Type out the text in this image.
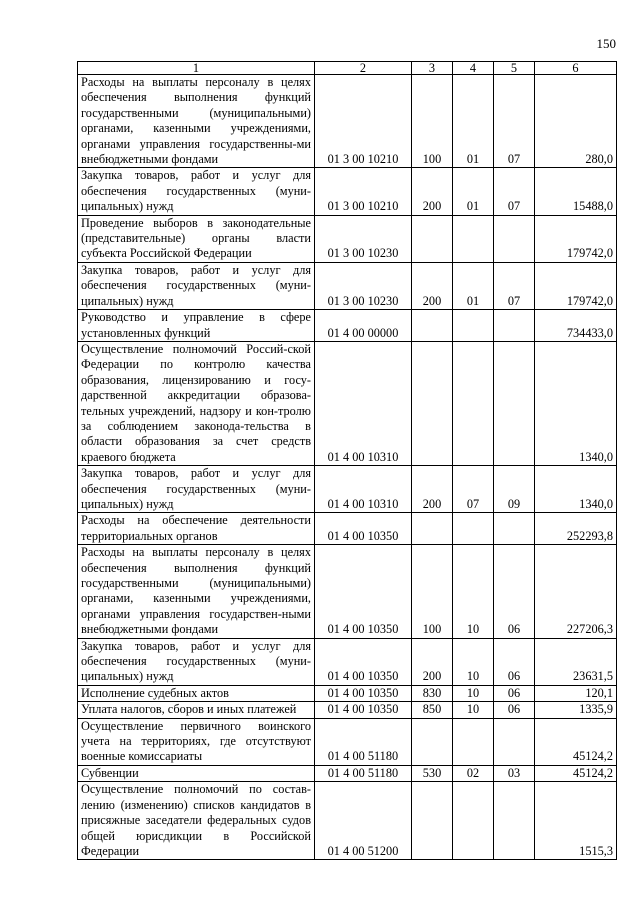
150
1	2	3	4	5	6
Расходы на выплаты персоналу в целях обеспечения выполнения функций государственными (муниципальными) органами, казенными учреждениями, органами управления государственны-ми внебюджетными фондами	01 3 00 10210	100	01	07	280,0
Закупка товаров, работ и услуг для обеспечения государственных (муни-ципальных) нужд	01 3 00 10210	200	01	07	15488,0
Проведение выборов в законодательные (представительные) органы власти субъекта Российской Федерации	01 3 00 10230				179742,0
Закупка товаров, работ и услуг для обеспечения государственных (муни-ципальных) нужд	01 3 00 10230	200	01	07	179742,0
Руководство и управление в сфере установленных функций	01 4 00 00000				734433,0
Осуществление полномочий Россий-ской Федерации по контролю качества образования, лицензированию и госу-дарственной аккредитации образова-тельных учреждений, надзору и кон-тролю за соблюдением законода-тельства в области образования за счет средств краевого бюджета	01 4 00 10310				1340,0
Закупка товаров, работ и услуг для обеспечения государственных (муни-ципальных) нужд	01 4 00 10310	200	07	09	1340,0
Расходы на обеспечение деятельности территориальных органов	01 4 00 10350				252293,8
Расходы на выплаты персоналу в целях обеспечения выполнения функций государственными (муниципальными) органами, казенными учреждениями, органами управления государствен-ными внебюджетными фондами	01 4 00 10350	100	10	06	227206,3
Закупка товаров, работ и услуг для обеспечения государственных (муни-ципальных) нужд	01 4 00 10350	200	10	06	23631,5
Исполнение судебных актов	01 4 00 10350	830	10	06	120,1
Уплата налогов, сборов и иных платежей	01 4 00 10350	850	10	06	1335,9
Осуществление первичного воинского учета на территориях, где отсутствуют военные комиссариаты	01 4 00 51180				45124,2
Субвенции	01 4 00 51180	530	02	03	45124,2
Осуществление полномочий по состав-лению (изменению) списков кандидатов в присяжные заседатели федеральных судов общей юрисдикции в Российской Федерации	01 4 00 51200				1515,3
